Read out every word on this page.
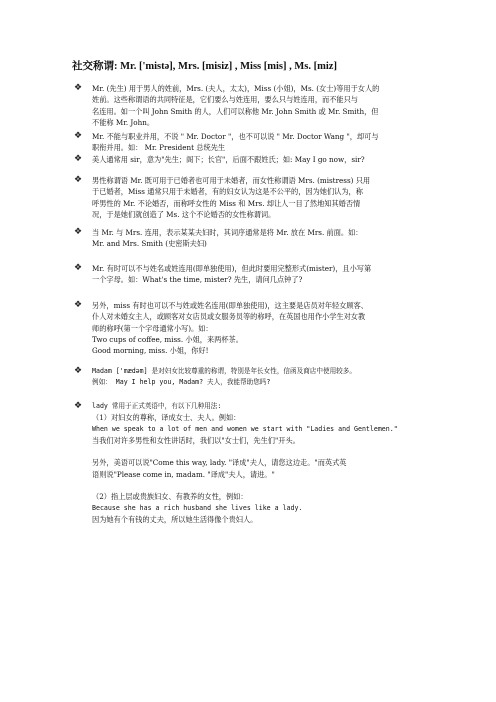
社交称谓: Mr. ['mistə], Mrs. [misiz] , Miss [mis] , Ms. [miz]
❖ Mr. (先生) 用于男人的姓前，Mrs. (夫人，太太)，Miss (小姐)，Ms. (女士)等用于女人的
姓前。这些称谓语的共同特征是，它们要么与姓连用，要么只与姓连用，而不能只与
名连用。如一个叫 John Smith 的人，人们可以称他 Mr. John Smith 或 Mr. Smith，但
不能称 Mr. John。
❖ Mr. 不能与职业并用，不说 " Mr. Doctor "，也不可以说 " Mr. Doctor Wang "，却可与
职衔并用。如： Mr. President 总统先生
❖ 美人通常用 sir，意为"先生；阁下；长官"，后面不跟姓氏；如: May I go now，sir?
❖ 男性称谓语 Mr. 既可用于已婚者也可用于未婚者，而女性称谓语 Mrs. (mistress) 只用
于已婚者，Miss 通常只用于未婚者，有的妇女认为这是不公平的，因为她们认为，称
呼男性的 Mr. 不论婚否，而称呼女性的 Miss 和 Mrs. 却让人一目了然地知其婚否情
况，于是她们就创造了 Ms. 这个不论婚否的女性称谓词。
❖ 当 Mr. 与 Mrs. 连用，表示某某夫妇时，其词序通常是将 Mr. 放在 Mrs. 前面。如：
Mr. and Mrs. Smith (史密斯夫妇)
❖ Mr. 有时可以不与姓名或姓连用(即单独使用)，但此时要用完整形式(mister)，且小写第
一个字母。如：What's the time, mister? 先生，请问几点钟了?
❖ 另外，miss 有时也可以不与姓或姓名连用(即单独使用)，这主要是店员对年轻女顾客、
仆人对未婚女主人，或顾客对女店员或女服务员等的称呼，在英国也用作小学生对女教
师的称呼(第一个字母通常小写)。如：
Two cups of coffee, miss. 小姐，来两杯茶。
Good morning, miss. 小姐，你好!
❖ Madam ['mædəm] 是对妇女比较尊重的称谓，特别是年长女性，信函及商店中使用较多。
例如： May I help you, Madam? 夫人，我能帮助您吗?
❖ lady 常用于正式英语中，有以下几种用法:
（1）对妇女的尊称，译成女士、夫人。例如：
When we speak to a lot of men and women we start with "Ladies and Gentlemen."
当我们对许多男性和女性讲话时，我们以"女士们，先生们"开头。

另外，美语可以说"Come this way, lady. "译成"夫人，请您这边走。"而英式英
语则说"Please come in, madam. "译成"夫人，请进。"

（2）指上层或贵族妇女、有教养的女性，例如：
Because she has a rich husband she lives like a lady.
因为她有个有钱的丈夫，所以她生活得像个贵妇人。
